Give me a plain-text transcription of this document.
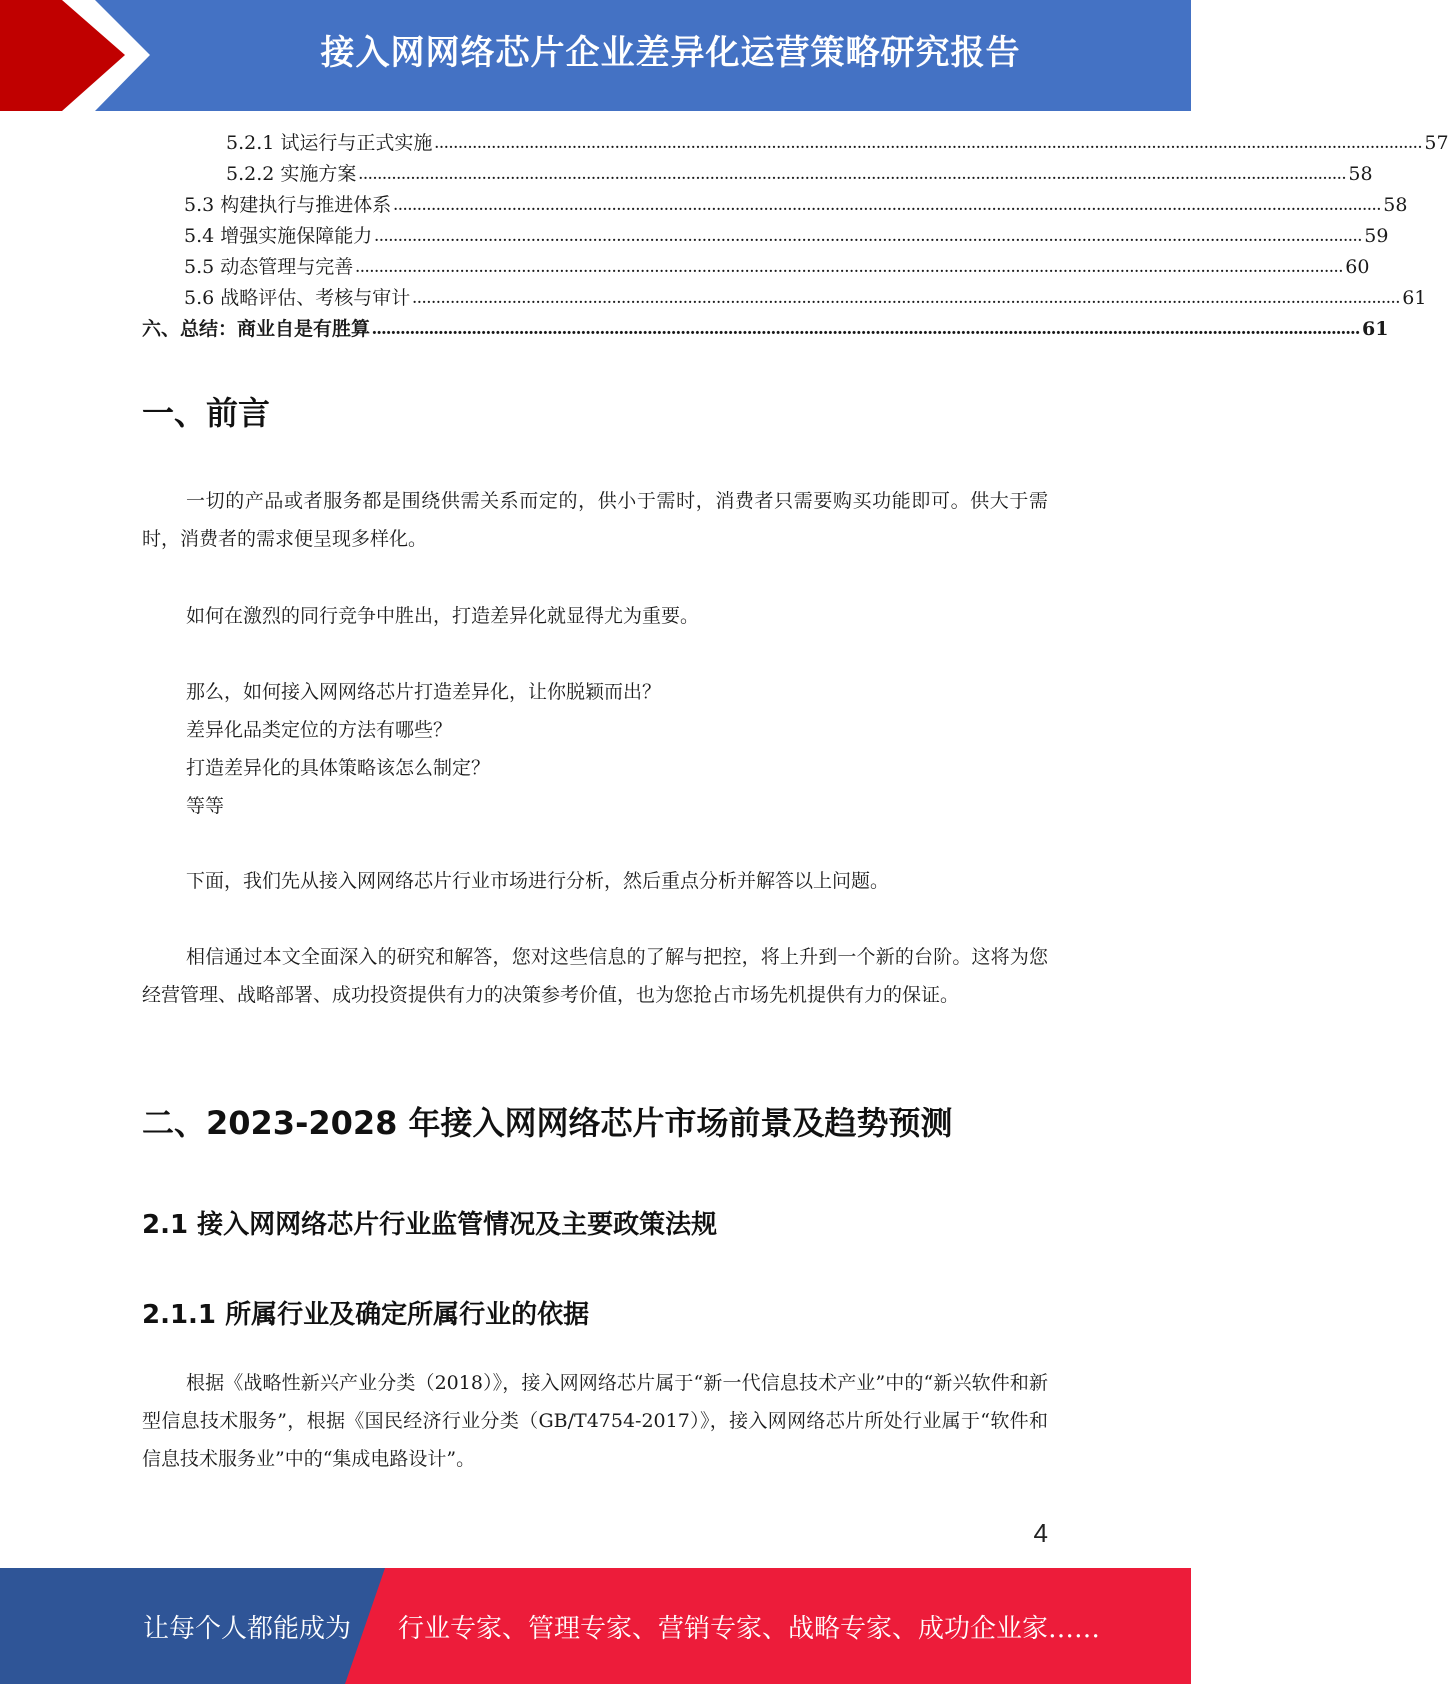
接入网网络芯片企业差异化运营策略研究报告
5.2.1 试运行与正式实施 ................................................................................................................................................................................................................ 57
5.2.2 实施方案 ................................................................................................................................................................................................................ 58
5.3 构建执行与推进体系 ................................................................................................................................................................................................................ 58
5.4 增强实施保障能力 ................................................................................................................................................................................................................ 59
5.5 动态管理与完善 ................................................................................................................................................................................................................ 60
5.6 战略评估、考核与审计 ................................................................................................................................................................................................................ 61
六、总结：商业自是有胜算 ................................................................................................................................................................................................................ 61
一、前言
一切的产品或者服务都是围绕供需关系而定的，供小于需时，消费者只需要购买功能即可。供大于需时，消费者的需求便呈现多样化。
如何在激烈的同行竞争中胜出，打造差异化就显得尤为重要。
那么，如何接入网网络芯片打造差异化，让你脱颖而出？
差异化品类定位的方法有哪些？
打造差异化的具体策略该怎么制定？
等等
下面，我们先从接入网网络芯片行业市场进行分析，然后重点分析并解答以上问题。
相信通过本文全面深入的研究和解答，您对这些信息的了解与把控，将上升到一个新的台阶。这将为您经营管理、战略部署、成功投资提供有力的决策参考价值，也为您抢占市场先机提供有力的保证。
二、2023-2028 年接入网网络芯片市场前景及趋势预测
2.1 接入网网络芯片行业监管情况及主要政策法规
2.1.1 所属行业及确定所属行业的依据
根据《战略性新兴产业分类（2018）》，接入网网络芯片属于“新一代信息技术产业”中的“新兴软件和新型信息技术服务”，根据《国民经济行业分类（GB/T4754-2017）》，接入网网络芯片所处行业属于“软件和信息技术服务业”中的“集成电路设计”。
4
让每个人都能成为 行业专家、管理专家、营销专家、战略专家、成功企业家……
